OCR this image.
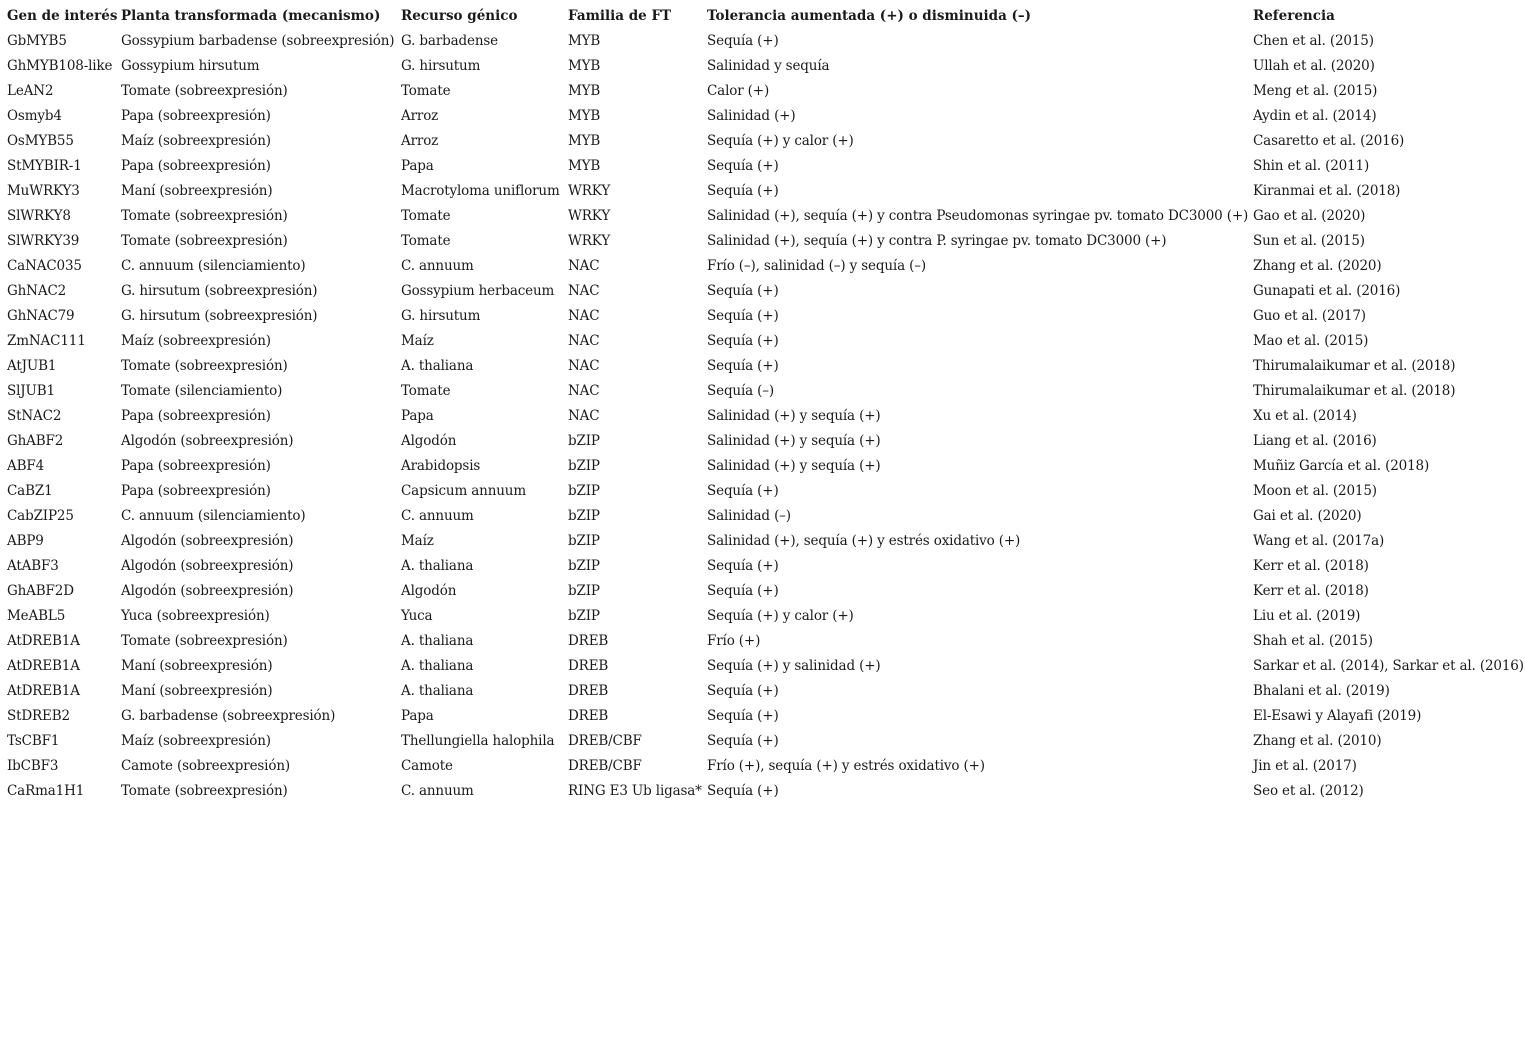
Gen de interés	Planta transformada (mecanismo)	Recurso génico	Familia de FT	Tolerancia aumentada (+) o disminuida (–)	Referencia
GbMYB5	Gossypium barbadense (sobreexpresión)	G. barbadense	MYB	Sequía (+)	Chen et al. (2015)
GhMYB108-like	Gossypium hirsutum	G. hirsutum	MYB	Salinidad y sequía	Ullah et al. (2020)
LeAN2	Tomate (sobreexpresión)	Tomate	MYB	Calor (+)	Meng et al. (2015)
Osmyb4	Papa (sobreexpresión)	Arroz	MYB	Salinidad (+)	Aydin et al. (2014)
OsMYB55	Maíz (sobreexpresión)	Arroz	MYB	Sequía (+) y calor (+)	Casaretto et al. (2016)
StMYBIR-1	Papa (sobreexpresión)	Papa	MYB	Sequía (+)	Shin et al. (2011)
MuWRKY3	Maní (sobreexpresión)	Macrotyloma uniflorum	WRKY	Sequía (+)	Kiranmai et al. (2018)
SlWRKY8	Tomate (sobreexpresión)	Tomate	WRKY	Salinidad (+), sequía (+) y contra Pseudomonas syringae pv. tomato DC3000 (+)	Gao et al. (2020)
SlWRKY39	Tomate (sobreexpresión)	Tomate	WRKY	Salinidad (+), sequía (+) y contra P. syringae pv. tomato DC3000 (+)	Sun et al. (2015)
CaNAC035	C. annuum (silenciamiento)	C. annuum	NAC	Frío (–), salinidad (–) y sequía (–)	Zhang et al. (2020)
GhNAC2	G. hirsutum (sobreexpresión)	Gossypium herbaceum	NAC	Sequía (+)	Gunapati et al. (2016)
GhNAC79	G. hirsutum (sobreexpresión)	G. hirsutum	NAC	Sequía (+)	Guo et al. (2017)
ZmNAC111	Maíz (sobreexpresión)	Maíz	NAC	Sequía (+)	Mao et al. (2015)
AtJUB1	Tomate (sobreexpresión)	A. thaliana	NAC	Sequía (+)	Thirumalaikumar et al. (2018)
SlJUB1	Tomate (silenciamiento)	Tomate	NAC	Sequía (–)	Thirumalaikumar et al. (2018)
StNAC2	Papa (sobreexpresión)	Papa	NAC	Salinidad (+) y sequía (+)	Xu et al. (2014)
GhABF2	Algodón (sobreexpresión)	Algodón	bZIP	Salinidad (+) y sequía (+)	Liang et al. (2016)
ABF4	Papa (sobreexpresión)	Arabidopsis	bZIP	Salinidad (+) y sequía (+)	Muñiz García et al. (2018)
CaBZ1	Papa (sobreexpresión)	Capsicum annuum	bZIP	Sequía (+)	Moon et al. (2015)
CabZIP25	C. annuum (silenciamiento)	C. annuum	bZIP	Salinidad (–)	Gai et al. (2020)
ABP9	Algodón (sobreexpresión)	Maíz	bZIP	Salinidad (+), sequía (+) y estrés oxidativo (+)	Wang et al. (2017a)
AtABF3	Algodón (sobreexpresión)	A. thaliana	bZIP	Sequía (+)	Kerr et al. (2018)
GhABF2D	Algodón (sobreexpresión)	Algodón	bZIP	Sequía (+)	Kerr et al. (2018)
MeABL5	Yuca (sobreexpresión)	Yuca	bZIP	Sequía (+) y calor (+)	Liu et al. (2019)
AtDREB1A	Tomate (sobreexpresión)	A. thaliana	DREB	Frío (+)	Shah et al. (2015)
AtDREB1A	Maní (sobreexpresión)	A. thaliana	DREB	Sequía (+) y salinidad (+)	Sarkar et al. (2014), Sarkar et al. (2016)
AtDREB1A	Maní (sobreexpresión)	A. thaliana	DREB	Sequía (+)	Bhalani et al. (2019)
StDREB2	G. barbadense (sobreexpresión)	Papa	DREB	Sequía (+)	El-Esawi y Alayafi (2019)
TsCBF1	Maíz (sobreexpresión)	Thellungiella halophila	DREB/CBF	Sequía (+)	Zhang et al. (2010)
IbCBF3	Camote (sobreexpresión)	Camote	DREB/CBF	Frío (+), sequía (+) y estrés oxidativo (+)	Jin et al. (2017)
CaRma1H1	Tomate (sobreexpresión)	C. annuum	RING E3 Ub ligasa*	Sequía (+)	Seo et al. (2012)
